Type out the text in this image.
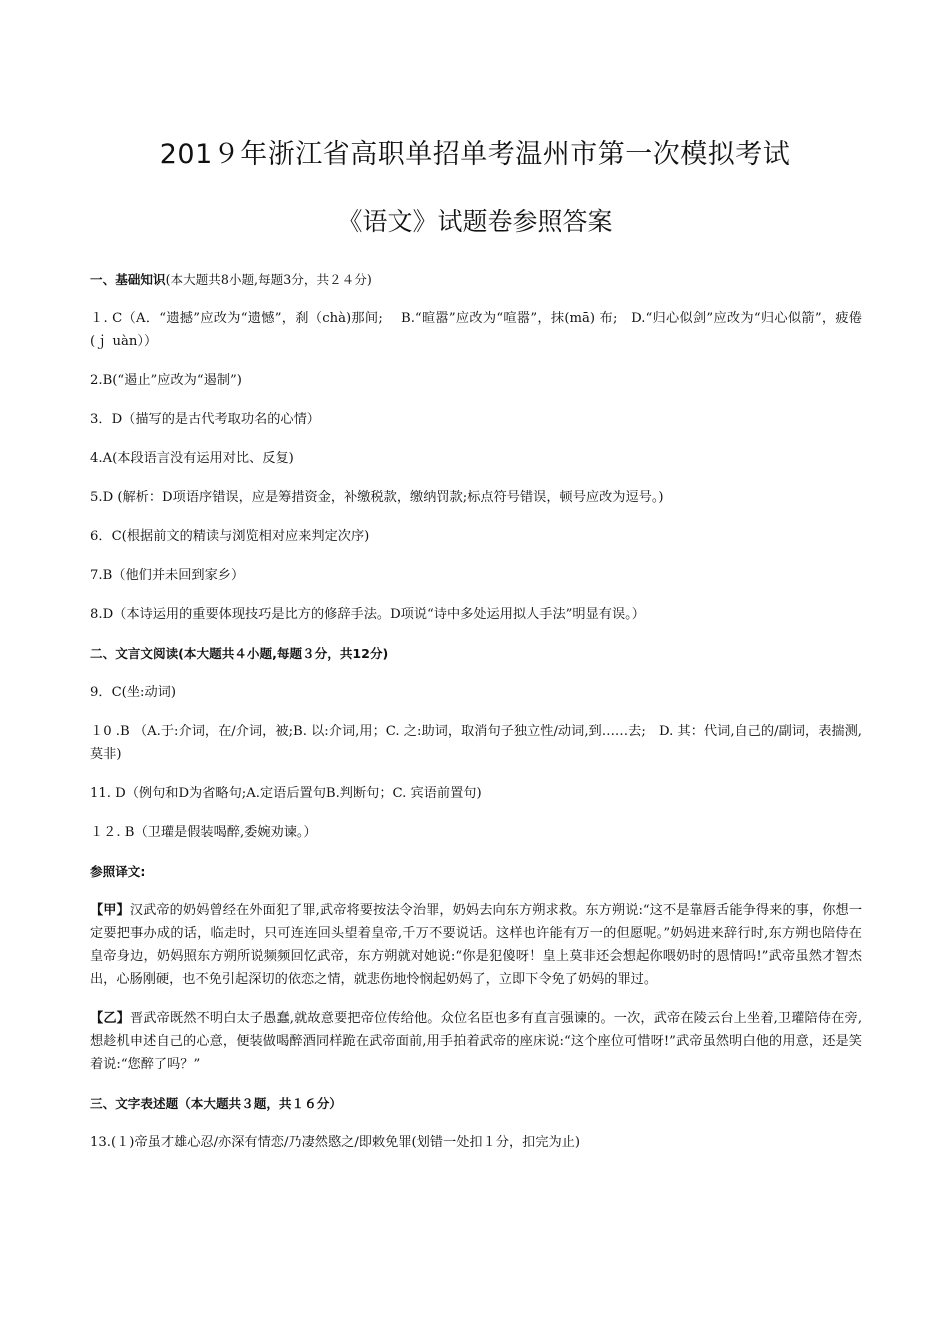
201９年浙江省高职单招单考温州市第一次模拟考试
《语文》试题卷参照答案

一、基础知识(本大题共8小题,每题3分，共２４分)

１. C（A．“遗撼”应改为“遗憾”，刹（chà)那间;　 B.“暄嚣”应改为“喧嚣”，抹(mā) 布;　D.“归心似剑”应改为“归心似箭”，疲倦(ｊ uàn））

2.B(“遏止”应改为“遏制”)

3．D（描写的是古代考取功名的心情）

4.A(本段语言没有运用对比、反复)

5.D (解析：D项语序错误，应是筹措资金，补缴税款，缴纳罚款;标点符号错误，顿号应改为逗号。)

6．C(根据前文的精读与浏览相对应来判定次序)

7.B（他们并未回到家乡）

8.D（本诗运用的重要体现技巧是比方的修辞手法。D项说“诗中多处运用拟人手法”明显有误。）

二、文言文阅读(本大题共４小题,每题３分，共12分)

9．C(坐:动词)

１0 .B （A.于:介词，在/介词，被;B. 以:介词,用；C. 之:助词，取消句子独立性/动词,到……去;　D. 其：代词,自己的/副词，表揣测,莫非)

11. D（例句和D为省略句;A.定语后置句B.判断句；C. 宾语前置句)

１２. B（卫瓘是假装喝醉,委婉劝谏。）

参照译文:

【甲】汉武帝的奶妈曾经在外面犯了罪,武帝将要按法令治罪，奶妈去向东方朔求救。东方朔说:“这不是靠唇舌能争得来的事，你想一定要把事办成的话，临走时，只可连连回头望着皇帝,千万不要说话。这样也许能有万一的但愿呢。”奶妈进来辞行时,东方朔也陪侍在皇帝身边，奶妈照东方朔所说频频回忆武帝，东方朔就对她说:“你是犯傻呀！皇上莫非还会想起你喂奶时的恩情吗!”武帝虽然才智杰出，心肠刚硬，也不免引起深切的依恋之情，就悲伤地怜悯起奶妈了，立即下令免了奶妈的罪过。

【乙】晋武帝既然不明白太子愚蠢,就故意要把帝位传给他。众位名臣也多有直言强谏的。一次，武帝在陵云台上坐着,卫瓘陪侍在旁,想趁机申述自己的心意，便装做喝醉酒同样跪在武帝面前,用手拍着武帝的座床说:“这个座位可惜呀!”武帝虽然明白他的用意，还是笑着说:“您醉了吗？”

三、文字表述题（本大题共３题，共１６分）

13.(１)帝虽才雄心忍/亦深有情恋/乃凄然愍之/即敕免罪(划错一处扣１分，扣完为止)
